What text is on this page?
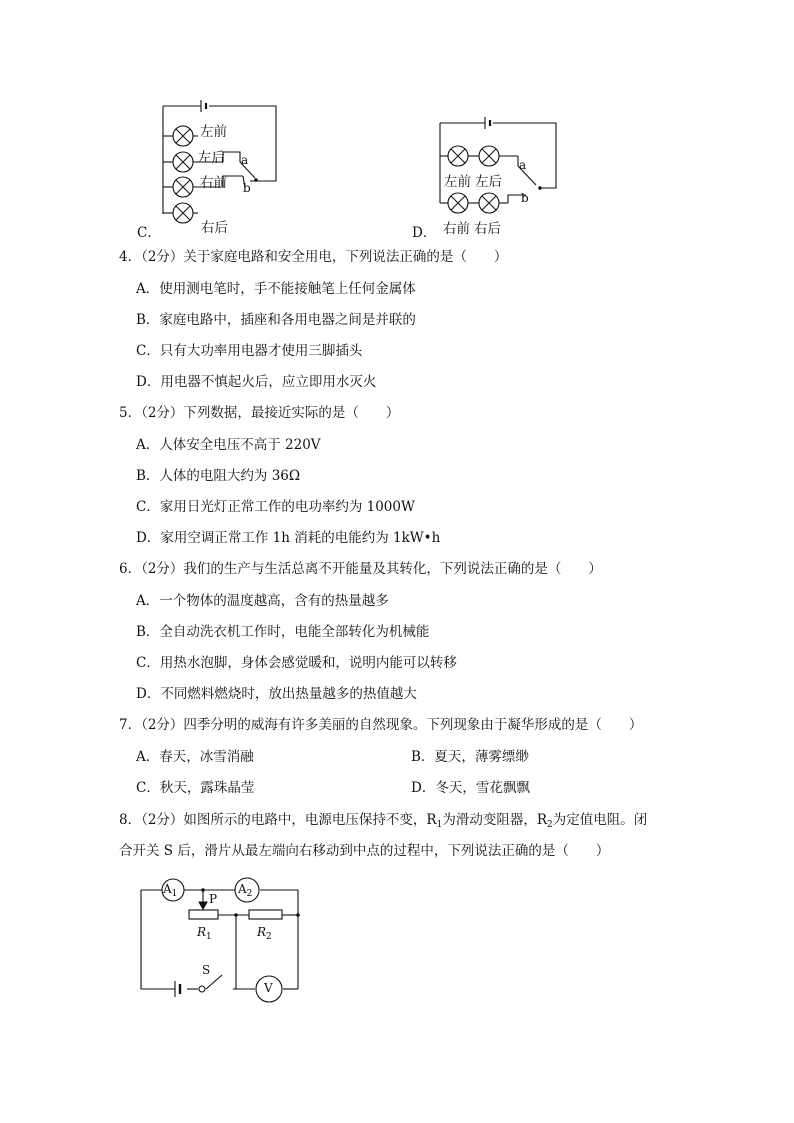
左前
左后
右前
右后
a
b
C．
左前 左后
右前 右后
a
b
D．
4．（2分）关于家庭电路和安全用电，下列说法正确的是（　　）
A．使用测电笔时，手不能接触笔上任何金属体
B．家庭电路中，插座和各用电器之间是并联的
C．只有大功率用电器才使用三脚插头
D．用电器不慎起火后，应立即用水灭火
5．（2分）下列数据，最接近实际的是（　　）
A．人体安全电压不高于 220V
B．人体的电阻大约为 36Ω
C．家用日光灯正常工作的电功率约为 1000W
D．家用空调正常工作 1h 消耗的电能约为 1kW•h
6．（2分）我们的生产与生活总离不开能量及其转化，下列说法正确的是（　　）
A．一个物体的温度越高，含有的热量越多
B．全自动洗衣机工作时，电能全部转化为机械能
C．用热水泡脚，身体会感觉暖和，说明内能可以转移
D．不同燃料燃烧时，放出热量越多的热值越大
7．（2分）四季分明的威海有许多美丽的自然现象。下列现象由于凝华形成的是（　　）
A．春天，冰雪消融	B．夏天，薄雾缥缈
C．秋天，露珠晶莹	D．冬天，雪花飘飘
8．（2分）如图所示的电路中，电源电压保持不变，$R_1$为滑动变阻器，$R_2$为定值电阻。闭
合开关 S 后，滑片从最左端向右移动到中点的过程中，下列说法正确的是（　　）
$A_1$	$A_2$
P
$R_1$	$R_2$
S
V
